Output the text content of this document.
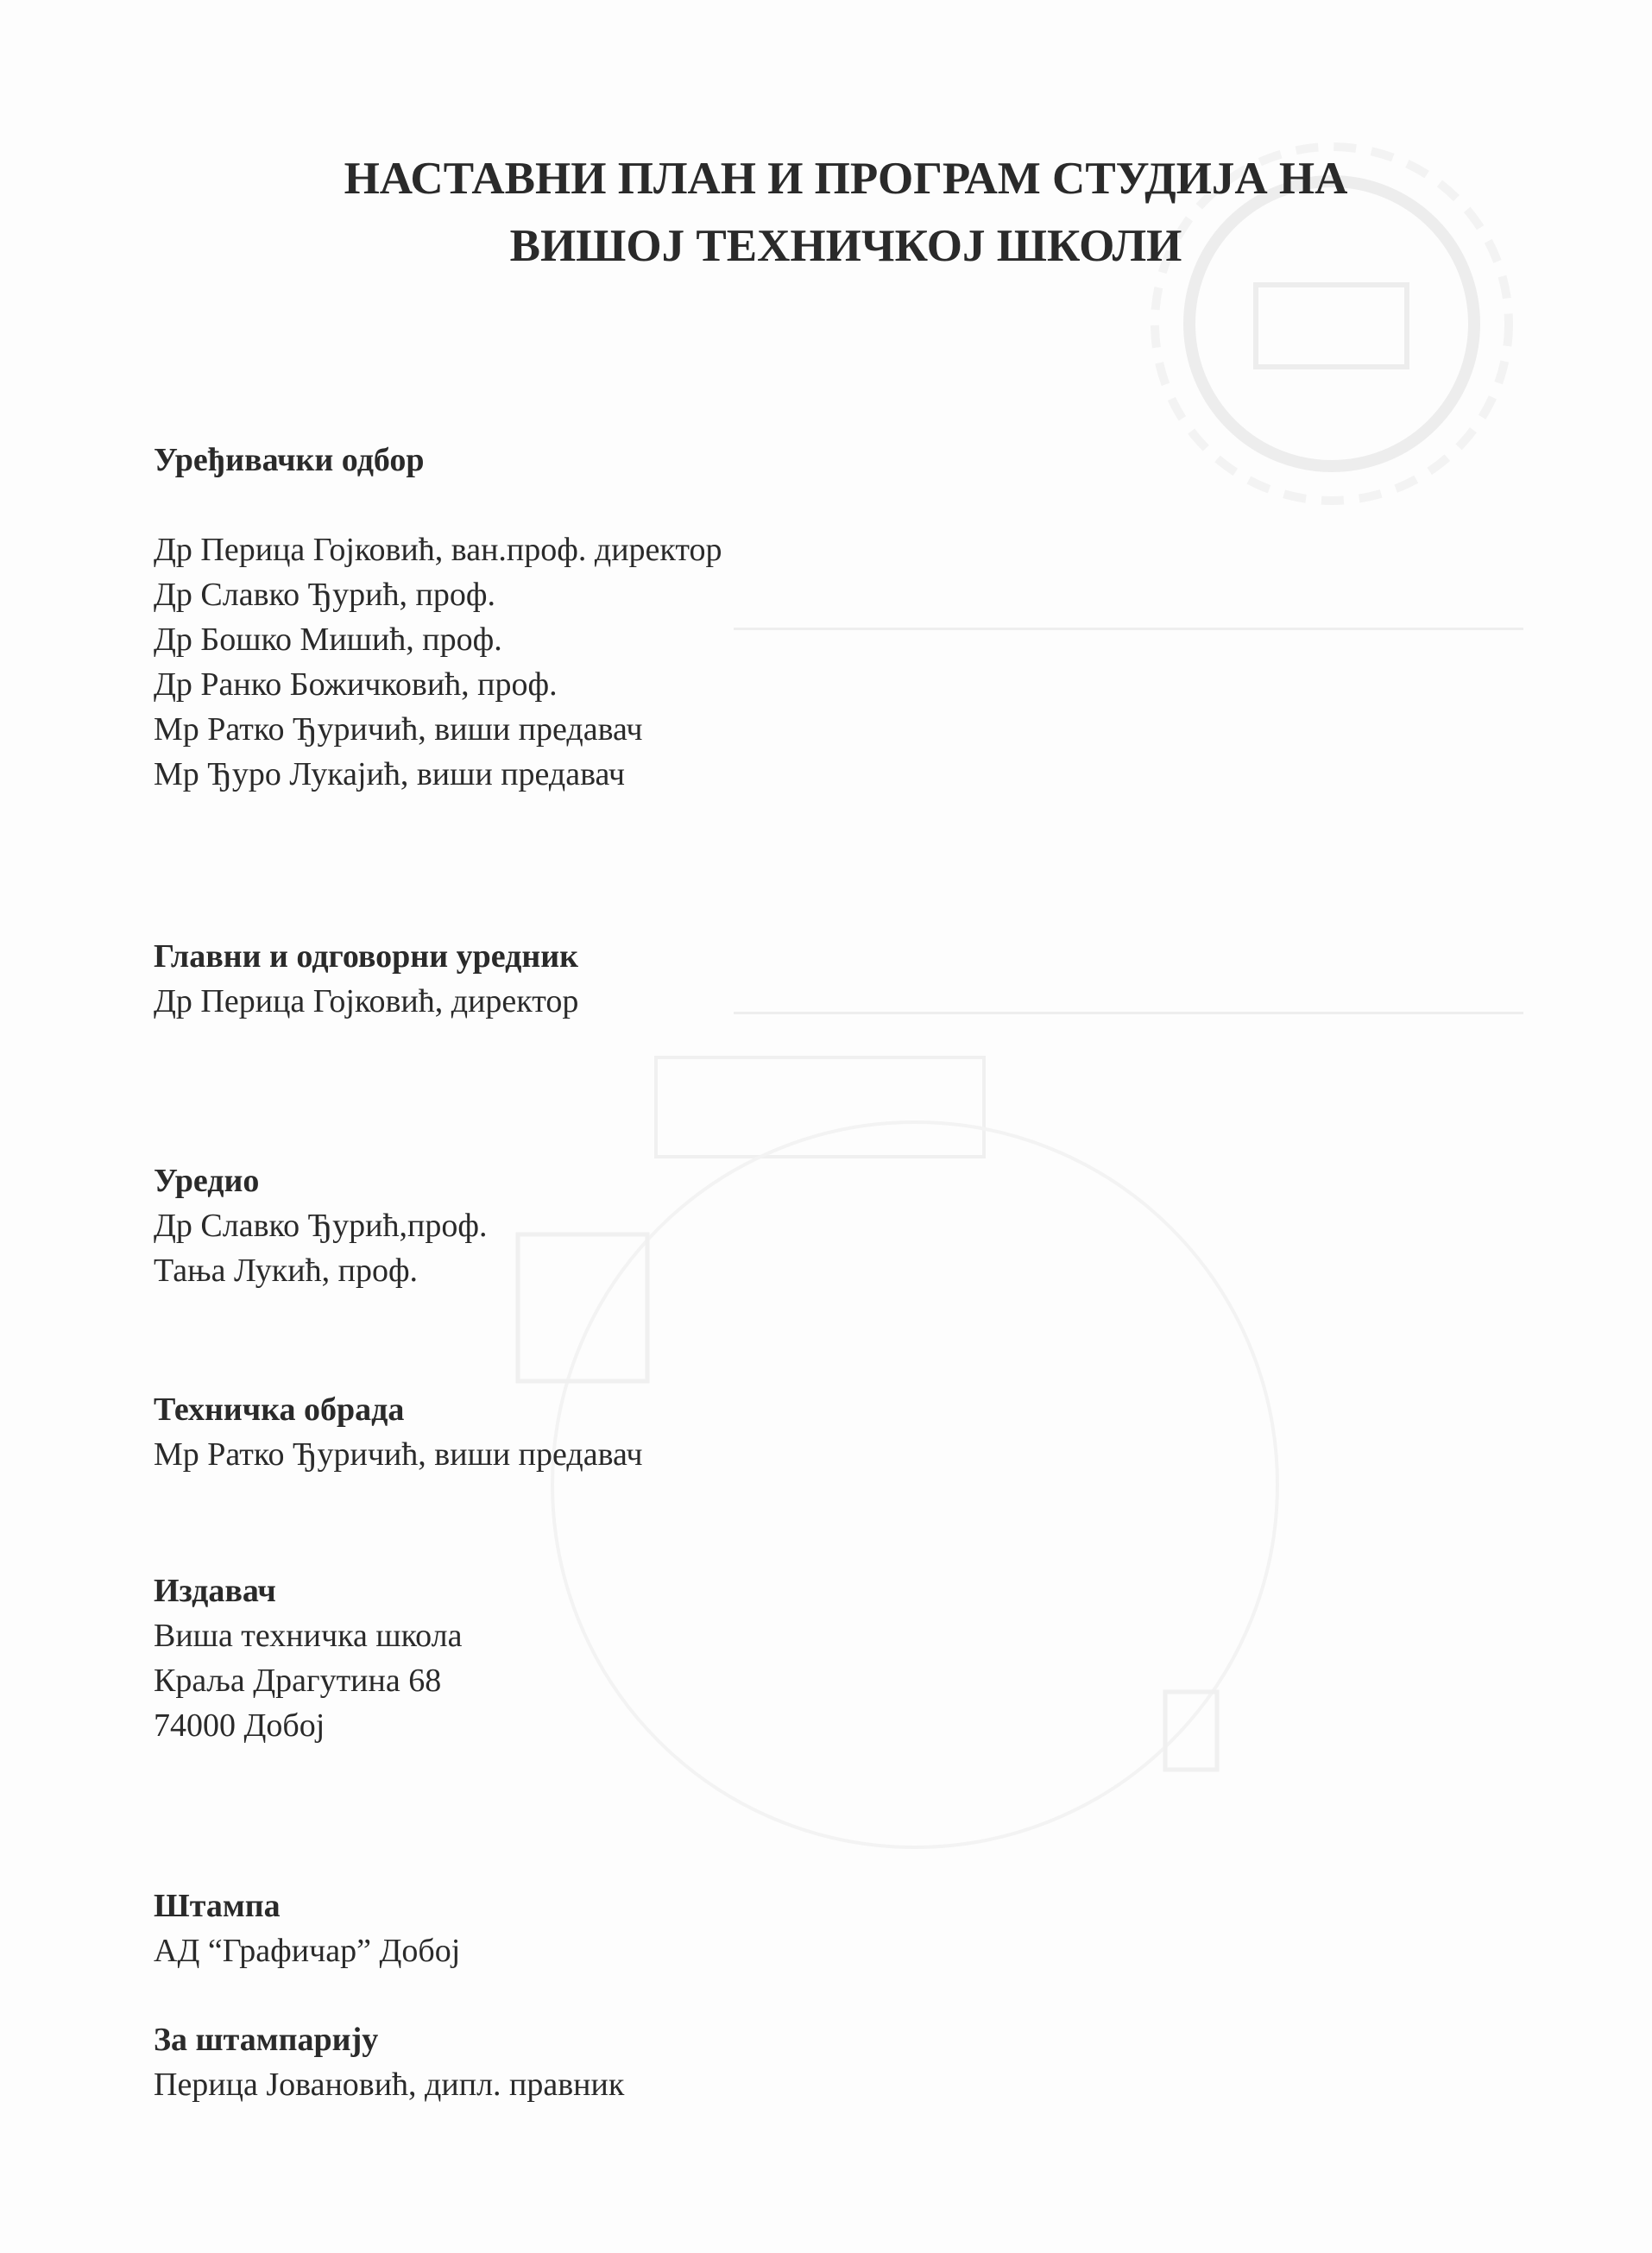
НАСТАВНИ ПЛАН И ПРОГРАМ СТУДИЈА НА
ВИШОЈ ТЕХНИЧКОЈ ШКОЛИ
Уређивачки одбор
Др Перица Гојковић, ван.проф. директор
Др Славко Ђурић, проф.
Др Бошко Мишић, проф.
Др Ранко Божичковић, проф.
Мр Ратко Ђуричић, виши предавач
Мр Ђуро Лукајић, виши предавач
Главни и одговорни уредник
Др Перица Гојковић, директор
Уредио
Др Славко Ђурић,проф.
Тања Лукић, проф.
Техничка обрада
Мр Ратко Ђуричић, виши предавач
Издавач
Виша техничка школа
Краља Драгутина 68
74000 Добој
Штампа
АД “Графичар” Добој
За штампарију
Перица Јовановић, дипл. правник
